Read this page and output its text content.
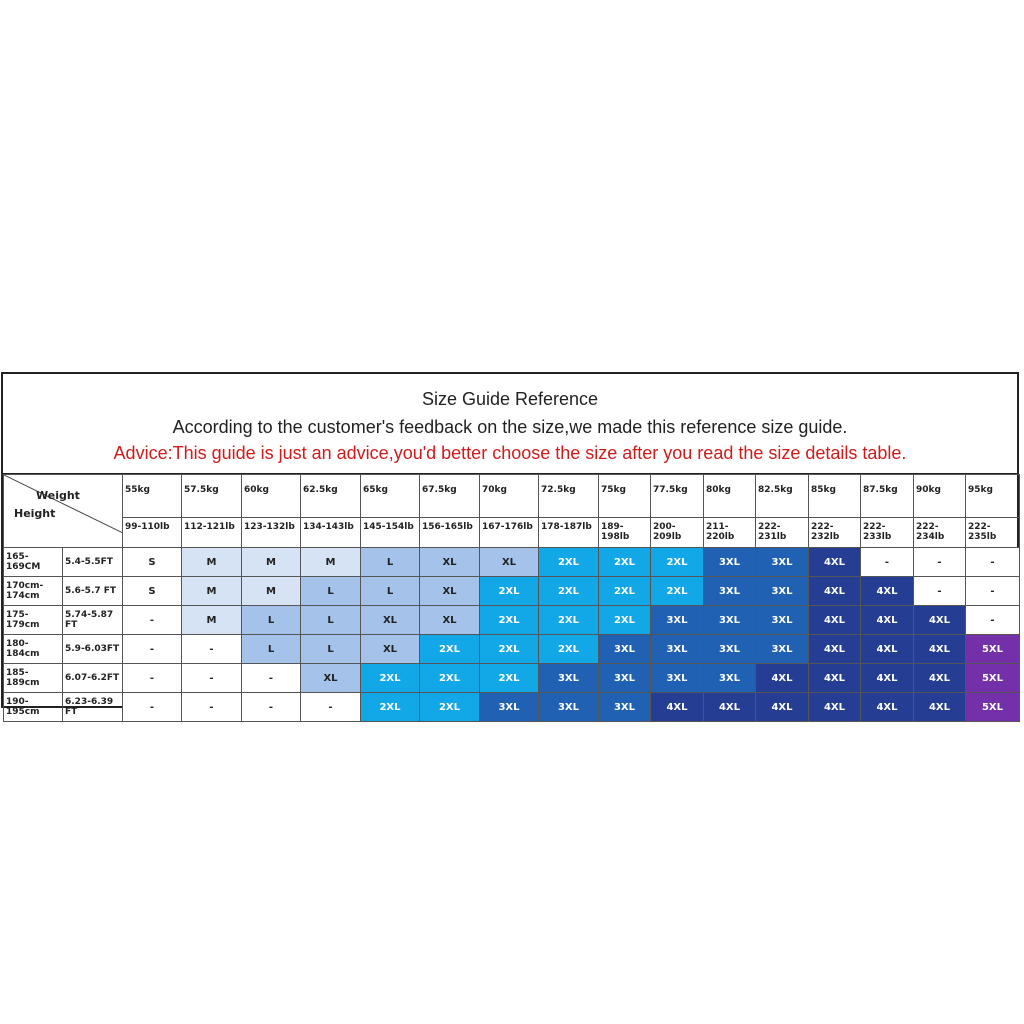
Size Guide Reference
According to the customer's feedback on the size,we made this reference size guide.
Advice:This guide is just an advice,you'd better choose the size after you read the size details table.
Weight
Height		55kg	57.5kg	60kg	62.5kg	65kg	67.5kg	70kg	72.5kg	75kg	77.5kg	80kg	82.5kg	85kg	87.5kg	90kg	95kg
		99-110lb	112-121lb	123-132lb	134-143lb	145-154lb	156-165lb	167-176lb	178-187lb	189-198lb	200-209lb	211-220lb	222-231lb	222-232lb	222-233lb	222-234lb	222-235lb
165-169CM	5.4-5.5FT	S	M	M	M	L	XL	XL	2XL	2XL	2XL	3XL	3XL	4XL	-	-	-
170cm-174cm	5.6-5.7 FT	S	M	M	L	L	XL	2XL	2XL	2XL	2XL	3XL	3XL	4XL	4XL	-	-
175-179cm	5.74-5.87 FT	-	M	L	L	XL	XL	2XL	2XL	2XL	3XL	3XL	3XL	4XL	4XL	4XL	-
180-184cm	5.9-6.03FT	-	-	L	L	XL	2XL	2XL	2XL	3XL	3XL	3XL	3XL	4XL	4XL	4XL	5XL
185-189cm	6.07-6.2FT	-	-	-	XL	2XL	2XL	2XL	3XL	3XL	3XL	3XL	4XL	4XL	4XL	4XL	5XL
190-195cm	6.23-6.39 FT	-	-	-	-	2XL	2XL	3XL	3XL	3XL	4XL	4XL	4XL	4XL	4XL	4XL	5XL
